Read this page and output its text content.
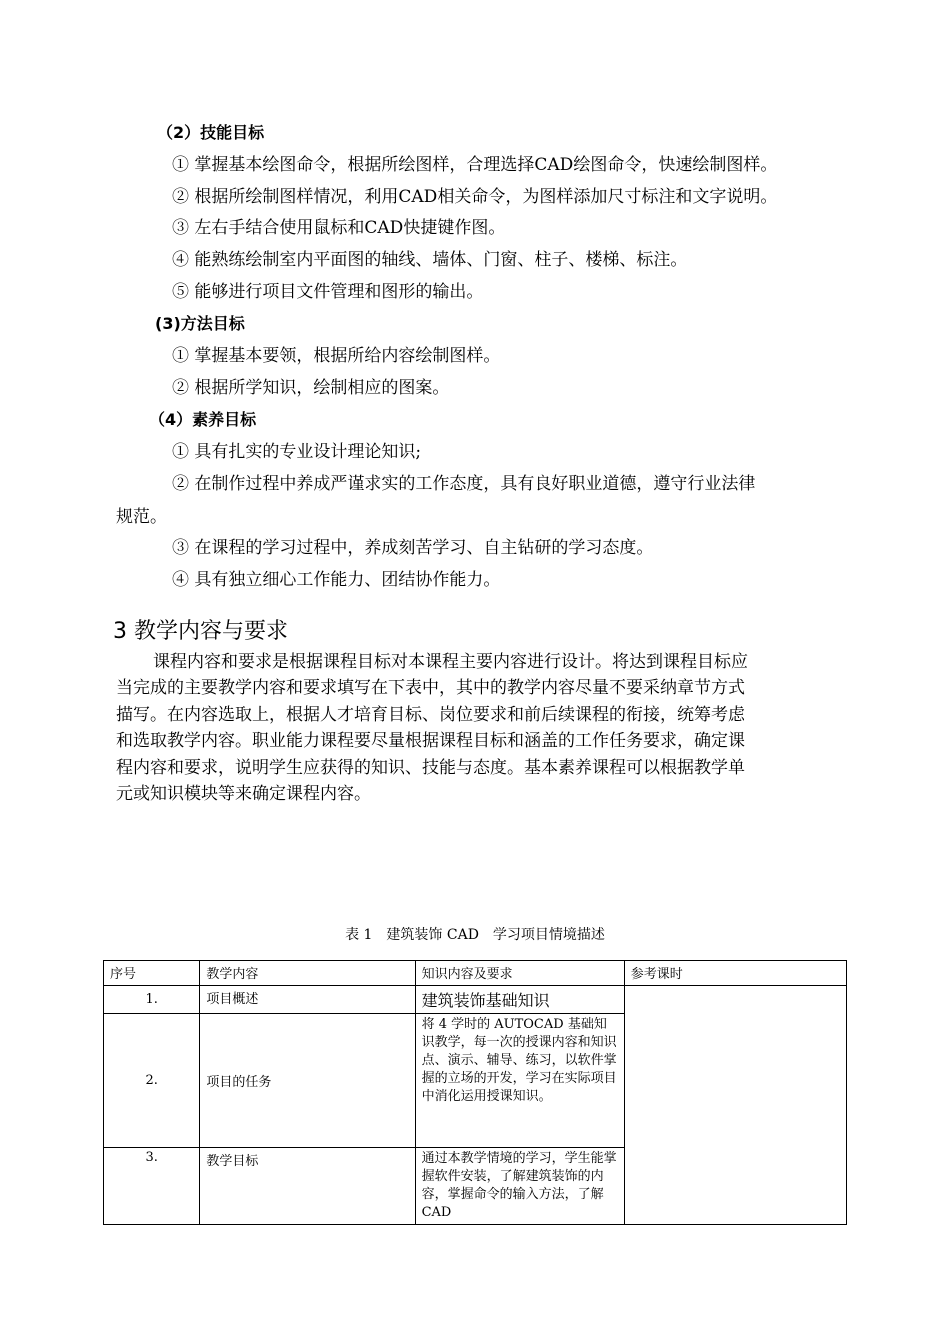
（2）技能目标
① 掌握基本绘图命令，根据所绘图样，合理选择CAD绘图命令，快速绘制图样。
② 根据所绘制图样情况，利用CAD相关命令，为图样添加尺寸标注和文字说明。
③ 左右手结合使用鼠标和CAD快捷键作图。
④ 能熟练绘制室内平面图的轴线、墙体、门窗、柱子、楼梯、标注。
⑤ 能够进行项目文件管理和图形的输出。
(3)方法目标
① 掌握基本要领，根据所给内容绘制图样。
② 根据所学知识，绘制相应的图案。
（4）素养目标
① 具有扎实的专业设计理论知识;
② 在制作过程中养成严谨求实的工作态度，具有良好职业道德，遵守行业法律
规范。
③ 在课程的学习过程中，养成刻苦学习、自主钻研的学习态度。
④ 具有独立细心工作能力、团结协作能力。
3 教学内容与要求
课程内容和要求是根据课程目标对本课程主要内容进行设计。将达到课程目标应
当完成的主要教学内容和要求填写在下表中，其中的教学内容尽量不要采纳章节方式
描写。在内容选取上，根据人才培育目标、岗位要求和前后续课程的衔接，统筹考虑
和选取教学内容。职业能力课程要尽量根据课程目标和涵盖的工作任务要求，确定课
程内容和要求，说明学生应获得的知识、技能与态度。基本素养课程可以根据教学单
元或知识模块等来确定课程内容。
表 1　建筑装饰 CAD　学习项目情境描述
序号	教学内容	知识内容及要求	参考课时
1.	项目概述	建筑装饰基础知识	
2.	项目的任务	将 4 学时的 AUTOCAD 基础知识教学，每一次的授课内容和知识点、演示、辅导、练习，以软件掌握的立场的开发，学习在实际项目中消化运用授课知识。	
3.	教学目标	通过本教学情境的学习，学生能掌握软件安装，了解建筑装饰的内容，掌握命令的输入方法，了解CAD	
